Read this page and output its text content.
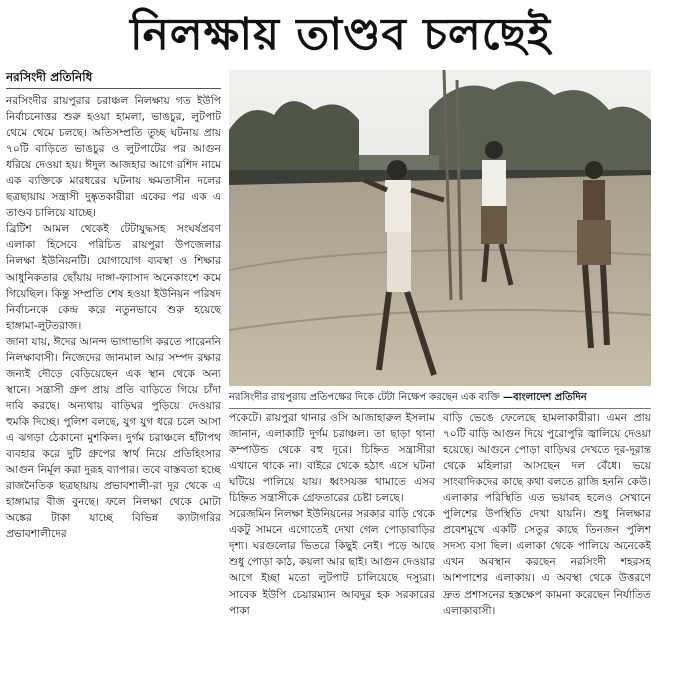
নিলক্ষায় তাণ্ডব চলছেই
নরসিংদী প্রতিনিধি

নরসিংদীর রায়পুরার চরাঞ্চল নিলক্ষায় গত ইউপি নির্বাচনোত্তর শুরু হওয়া হামলা, ভাঙচুর, লুটপাট থেমে থেমে চলছে। অতিসম্প্রতি তুচ্ছ ঘটনায় প্রায় ৭০টি বাড়িতে ভাঙচুর ও লুটপাটের পর আগুন ধরিয়ে দেওয়া হয়। ঈদুল আজহার আগে রশিদ নামে এক ব্যক্তিকে মারধরের ঘটনায় ক্ষমতাসীন দলের ছত্রছায়ায় সন্ত্রাসী দুষ্কৃতকারীরা একের পর এক এ তাণ্ডব চালিয়ে যাচ্ছে।

ব্রিটিশ আমল থেকেই টেটাযুদ্ধসহ সংঘর্ষপ্রবণ এলাকা হিসেবে পরিচিত রায়পুরা উপজেলার নিলক্ষা ইউনিয়নটি। যোগাযোগ ব্যবস্থা ও শিক্ষার আধুনিকতার ছোঁয়ায় দাঙ্গা-ফ্যাসাদ অনেকাংশে কমে গিয়েছিল। কিন্তু সম্প্রতি শেষ হওয়া ইউনিয়ন পরিষদ নির্বাচনকে কেন্দ্র করে নতুনভাবে শুরু হয়েছে হাঙ্গামা-লুটতরাজ।

জানা যায়, ঈদের আনন্দ ভাগাভাগি করতে পারেননি নিলক্ষাবাসী। নিজেদের জানমাল আর সম্পদ রক্ষার জন্যই দৌড়ে বেড়িয়েছেন এক স্থান থেকে অন্য স্থানে। সন্ত্রাসী গ্রুপ প্রায় প্রতি বাড়িতে গিয়ে চাঁদা দাবি করছে। অন্যথায় বাড়িঘর পুড়িয়ে দেওয়ার হুমকি দিচ্ছে। পুলিশ বলছে, যুগ যুগ ধরে চলে আসা এ ঝগড়া ঠেকানো মুশকিল। দুর্গম চরাঞ্চলে হাঁটাপথ ব্যবহার করে দুটি গ্রুপের স্বার্থ নিয়ে প্রতিহিংসার আগুন নির্মূল করা দুরূহ ব্যাপার। তবে বাস্তবতা হচ্ছে রাজনৈতিক ছত্রছায়ায় প্রভাবশালী-রা দূর থেকে এ হাঙ্গামার বীজ বুনছে। ফলে নিলক্ষা থেকে মোটা অঙ্কের টাকা যাচ্ছে বিভিন্ন ক্যাটাগরির প্রভাবশালীদের

নরসিংদীর রায়পুরায় প্রতিপক্ষের দিকে টেটা নিক্ষেপ করছেন এক ব্যক্তি —বাংলাদেশ প্রতিদিন

পকেটে। রায়পুরা থানার ওসি আজাহারুল ইসলাম জানান, এলাকাটি দুর্গম চরাঞ্চল। তা ছাড়া থানা কম্পাউন্ড থেকে বহু দূরে। চিহ্নিত সন্ত্রাসীরা এখানে থাকে না। বাইরে থেকে হঠাৎ এসে ঘটনা ঘটিয়ে পালিয়ে যায়। ধ্বংসযজ্ঞ থামাতে এসব চিহ্নিত সন্ত্রাসীকে গ্রেফতারের চেষ্টা চলছে।

সরেজমিন নিলক্ষা ইউনিয়নের সরকার বাড়ি থেকে একটু সামনে এগোতেই দেখা গেল পোড়াবাড়ির দৃশ্য। ঘরগুলোর ভিতরে কিছুই নেই। পড়ে আছে শুধু পোড়া কাঠ, কয়লা আর ছাই। আগুন দেওয়ার আগে ইচ্ছা মতো লুটপাট চালিয়েছে দস্যুরা। সাবেক ইউপি চেয়ারম্যান আবদুর হক সরকারের পাকা

বাড়ি ভেঙে ফেলেছে হামলাকারীরা। এমন প্রায় ৭০টি বাড়ি আগুন দিয়ে পুরোপুরি জ্বালিয়ে দেওয়া হয়েছে। আগুনে পোড়া বাড়িঘর দেখতে দূর-দূরান্ত থেকে মহিলারা আসছেন দল বেঁধে। ভয়ে সাংবাদিকদের কাছে কথা বলতে রাজি হননি কেউ। এলাকার পরিস্থিতি এত ভয়াবহ হলেও সেখানে পুলিশের উপস্থিতি দেখা যায়নি। শুধু নিলক্ষার প্রবেশমুখে একটি সেতুর কাছে তিনজন পুলিশ সদস্য বসা ছিল। এলাকা থেকে পালিয়ে অনেকেই এখন অবস্থান করছেন নরসিংদী শহরসহ আশপাশের এলাকায়। এ অবস্থা থেকে উত্তরণে দ্রুত প্রশাসনের হস্তক্ষেপ কামনা করেছেন নির্যাতিত এলাকাবাসী।
